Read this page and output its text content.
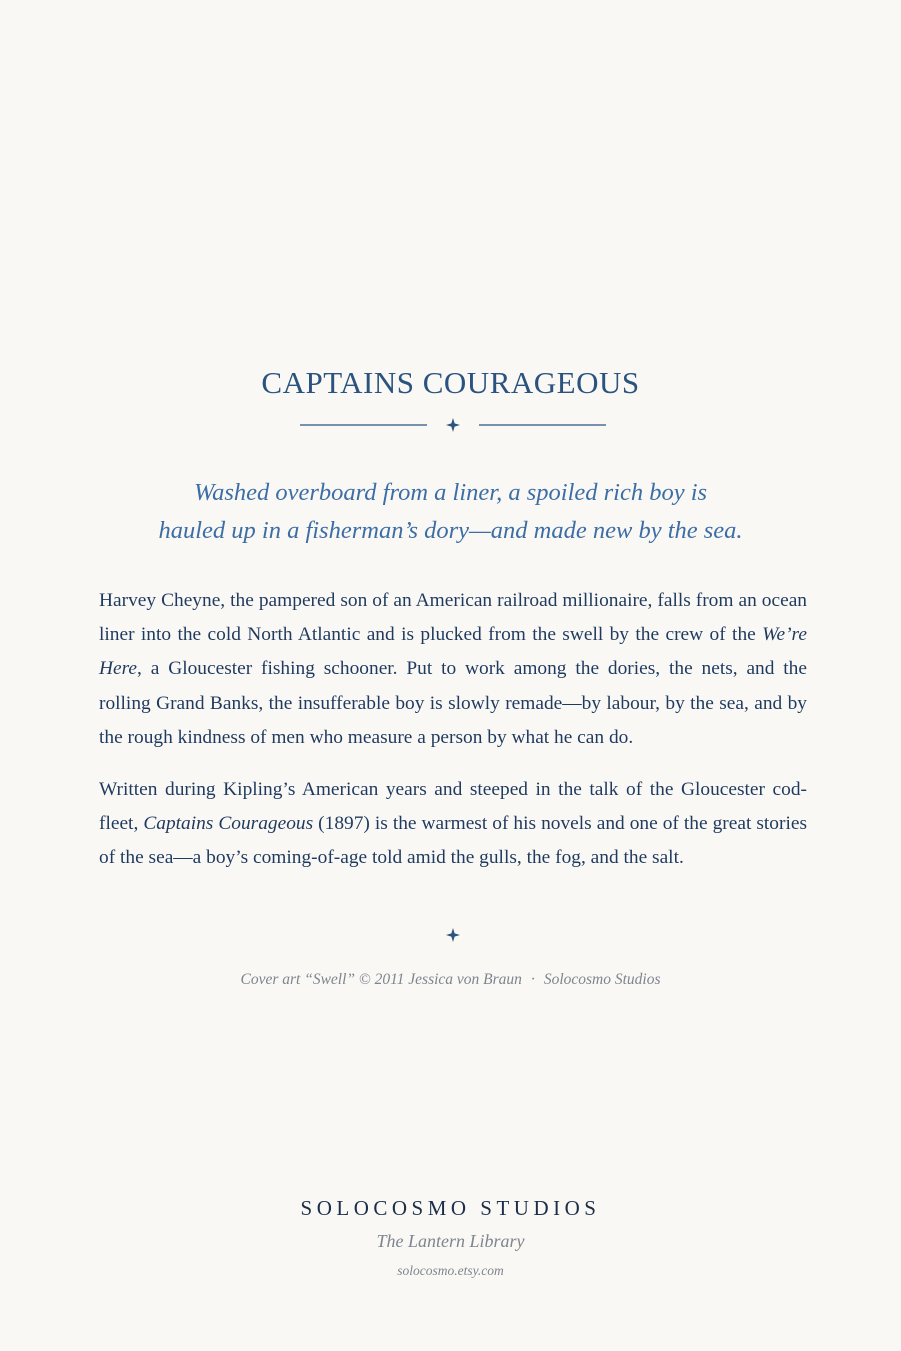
CAPTAINS COURAGEOUS

Washed overboard from a liner, a spoiled rich boy is
hauled up in a fisherman’s dory—and made new by the sea.

Harvey Cheyne, the pampered son of an American railroad millionaire, falls from an ocean liner into the cold North Atlantic and is plucked from the swell by the crew of the We’re Here, a Gloucester fishing schooner. Put to work among the dories, the nets, and the rolling Grand Banks, the insufferable boy is slowly remade—by labour, by the sea, and by the rough kindness of men who measure a person by what he can do.

Written during Kipling’s American years and steeped in the talk of the Gloucester cod-fleet, Captains Courageous (1897) is the warmest of his novels and one of the great stories of the sea—a boy’s coming-of-age told amid the gulls, the fog, and the salt.

Cover art “Swell” © 2011 Jessica von Braun · Solocosmo Studios

SOLOCOSMO STUDIOS

The Lantern Library

solocosmo.etsy.com
